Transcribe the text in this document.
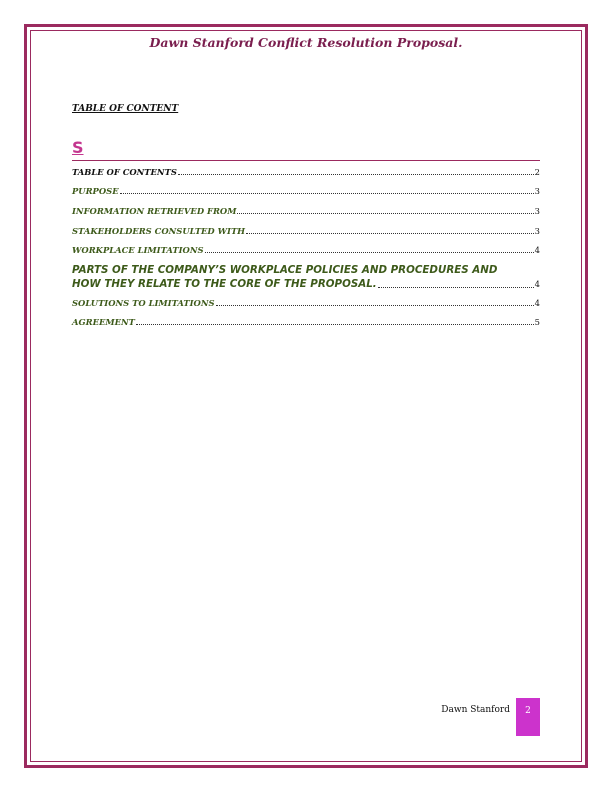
Dawn Stanford Conflict Resolution Proposal.
TABLE OF CONTENT
S
TABLE OF CONTENTS	2
PURPOSE	3
INFORMATION RETRIEVED FROM	3
STAKEHOLDERS CONSULTED WITH	3
WORKPLACE LIMITATIONS	4
PARTS OF THE COMPANY’S WORKPLACE POLICIES AND PROCEDURES AND
HOW THEY RELATE TO THE CORE OF THE PROPOSAL.	4
SOLUTIONS TO LIMITATIONS	4
AGREEMENT	5
Dawn Stanford	2
